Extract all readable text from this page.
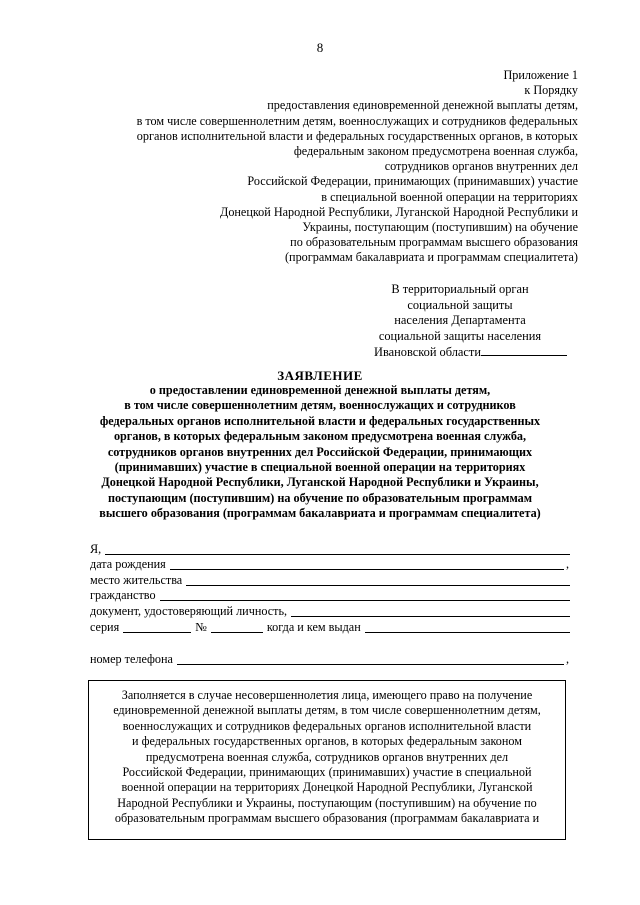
8
Приложение 1
к Порядку
предоставления единовременной денежной выплаты детям,
в том числе совершеннолетним детям, военнослужащих и сотрудников федеральных
органов исполнительной власти и федеральных государственных органов, в которых
федеральным законом предусмотрена военная служба,
сотрудников органов внутренних дел
Российской Федерации, принимающих (принимавших) участие
в специальной военной операции на территориях
Донецкой Народной Республики, Луганской Народной Республики и
Украины, поступающим (поступившим) на обучение
по образовательным программам высшего образования
(программам бакалавриата и программам специалитета)
В территориальный орган
социальной защиты
населения Департамента
социальной защиты населения
Ивановской области
ЗАЯВЛЕНИЕ
о предоставлении единовременной денежной выплаты детям,
в том числе совершеннолетним детям, военнослужащих и сотрудников
федеральных органов исполнительной власти и федеральных государственных
органов, в которых федеральным законом предусмотрена военная служба,
сотрудников органов внутренних дел Российской Федерации, принимающих
(принимавших) участие в специальной военной операции на территориях
Донецкой Народной Республики, Луганской Народной Республики и Украины,
поступающим (поступившим) на обучение по образовательным программам
высшего образования (программам бакалавриата и программам специалитета)
Я,
дата рождения	,
место жительства
гражданство
документ, удостоверяющий личность,
серия	№	когда и кем выдан
номер телефона	,
Заполняется в случае несовершеннолетия лица, имеющего право на получение
единовременной денежной выплаты детям, в том числе совершеннолетним детям,
военнослужащих и сотрудников федеральных органов исполнительной власти
и федеральных государственных органов, в которых федеральным законом
предусмотрена военная служба, сотрудников органов внутренних дел
Российской Федерации, принимающих (принимавших) участие в специальной
военной операции на территориях Донецкой Народной Республики, Луганской
Народной Республики и Украины, поступающим (поступившим) на обучение по
образовательным программам высшего образования (программам бакалавриата и
